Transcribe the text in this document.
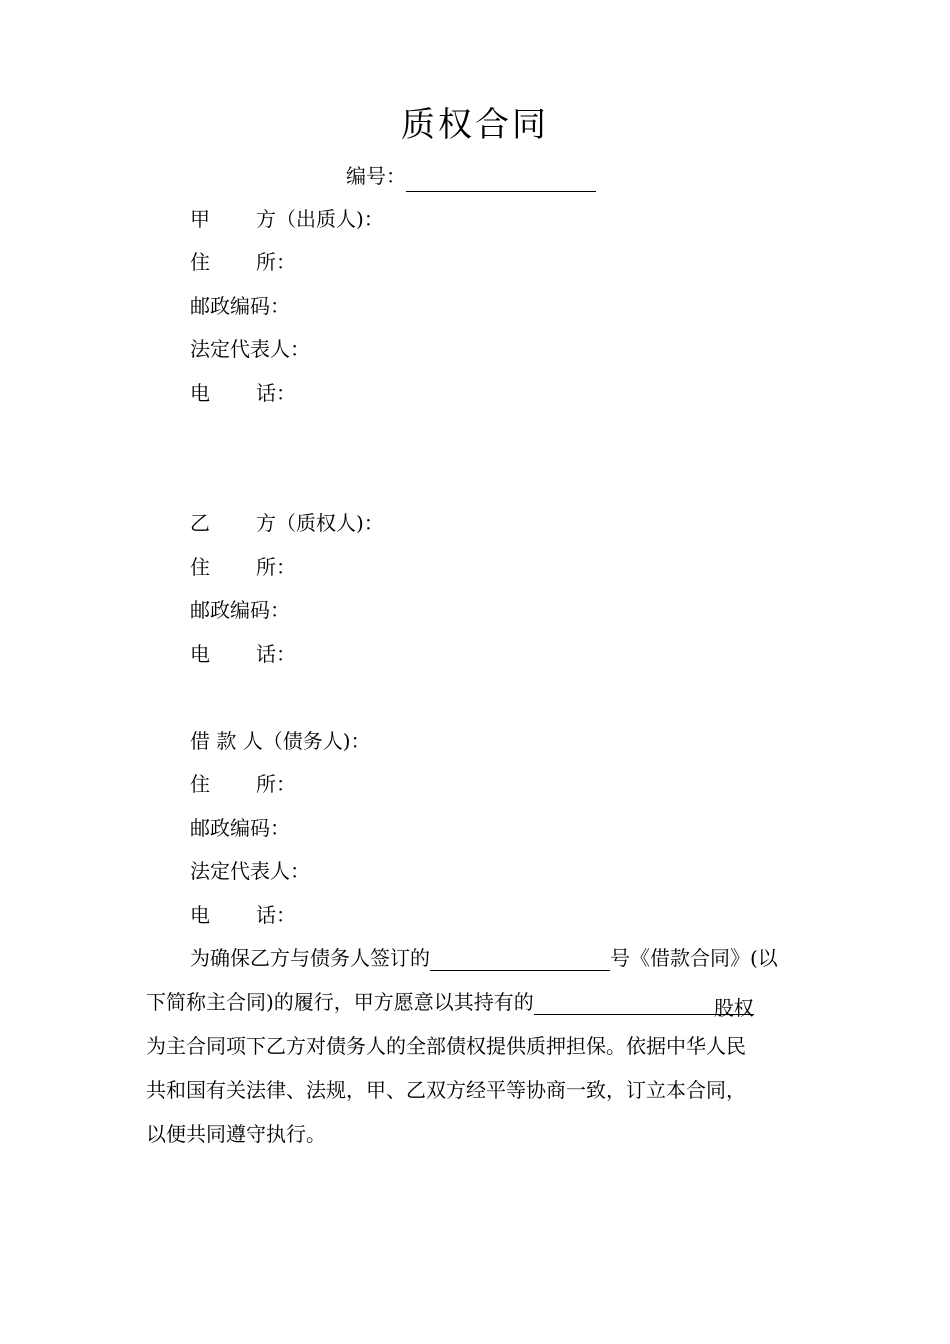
质权合同
编号：
甲 方（出质人)：
住 所：
邮政编码：
法定代表人：
电 话：
乙 方（质权人)：
住 所：
邮政编码：
电 话：
借 款 人（债务人)：
住 所：
邮政编码：
法定代表人：
电 话：
为确保乙方与债务人签订的	号《借款合同》(以
下简称主合同)的履行，甲方愿意以其持有的	股权
为主合同项下乙方对债务人的全部债权提供质押担保。依据中华人民
共和国有关法律、法规，甲、乙双方经平等协商一致，订立本合同，
以便共同遵守执行。
